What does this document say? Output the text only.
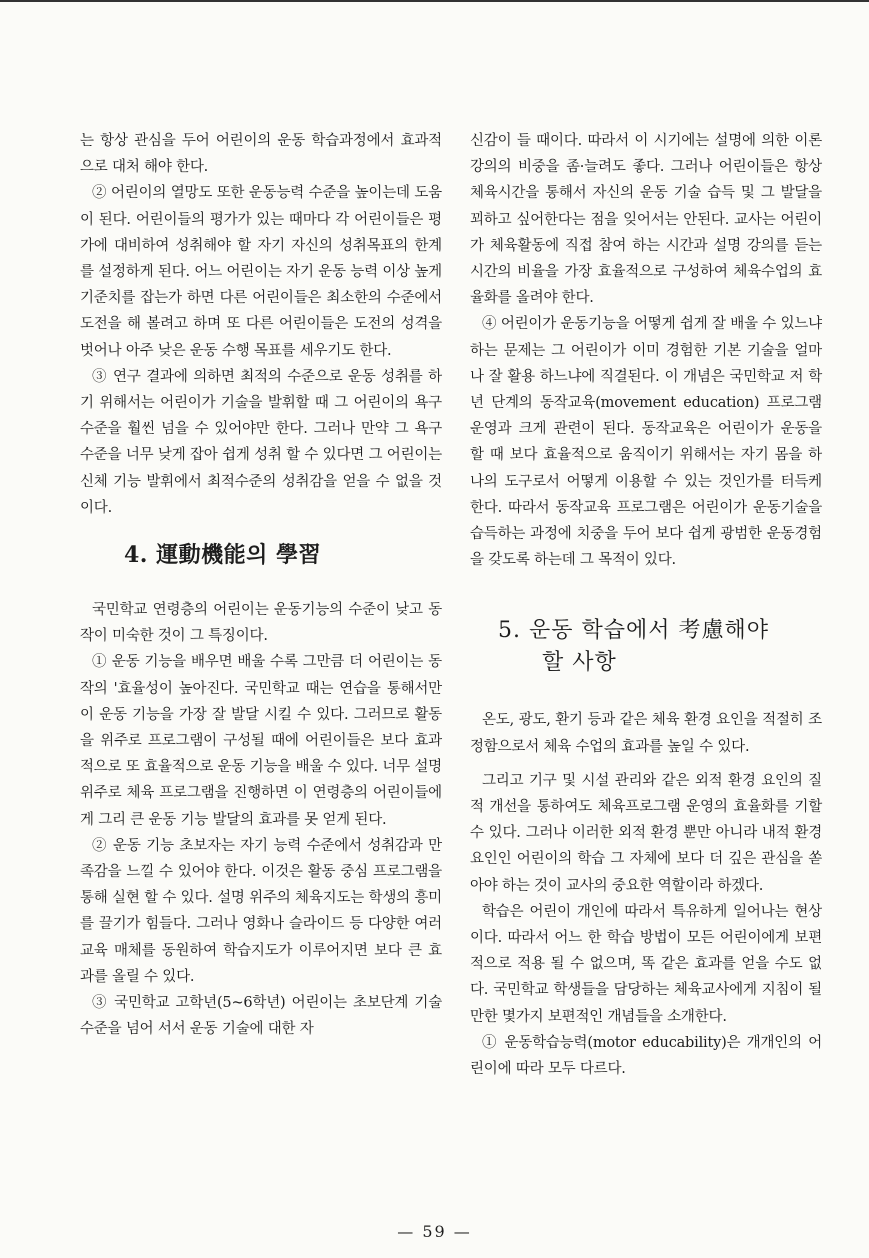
는 항상 관심을 두어 어린이의 운동 학습과정에서 효과적으로 대처 해야 한다.

② 어린이의 열망도 또한 운동능력 수준을 높이는데 도움이 된다. 어린이들의 평가가 있는 때마다 각 어린이들은 평가에 대비하여 성취해야 할 자기 자신의 성취목표의 한계를 설정하게 된다. 어느 어린이는 자기 운동 능력 이상 높게 기준치를 잡는가 하면 다른 어린이들은 최소한의 수준에서 도전을 해 볼려고 하며 또 다른 어린이들은 도전의 성격을 벗어나 아주 낮은 운동 수행 목표를 세우기도 한다.

③ 연구 결과에 의하면 최적의 수준으로 운동 성취를 하기 위해서는 어린이가 기술을 발휘할 때 그 어린이의 욕구 수준을 훨씬 넘을 수 있어야만 한다. 그러나 만약 그 욕구 수준을 너무 낮게 잡아 쉽게 성취 할 수 있다면 그 어린이는 신체 기능 발휘에서 최적수준의 성취감을 얻을 수 없을 것이다.

4. 運動機能의 學習

국민학교 연령층의 어린이는 운동기능의 수준이 낮고 동작이 미숙한 것이 그 특징이다.

① 운동 기능을 배우면 배울 수록 그만큼 더 어린이는 동작의 '효율성이 높아진다. 국민학교 때는 연습을 통해서만이 운동 기능을 가장 잘 발달 시킬 수 있다. 그러므로 활동을 위주로 프로그램이 구성될 때에 어린이들은 보다 효과적으로 또 효율적으로 운동 기능을 배울 수 있다. 너무 설명위주로 체육 프로그램을 진행하면 이 연령층의 어린이들에게 그리 큰 운동 기능 발달의 효과를 못 얻게 된다.

② 운동 기능 초보자는 자기 능력 수준에서 성취감과 만족감을 느낄 수 있어야 한다. 이것은 활동 중심 프로그램을 통해 실현 할 수 있다. 설명 위주의 체육지도는 학생의 흥미를 끌기가 힘들다. 그러나 영화나 슬라이드 등 다양한 여러 교육 매체를 동원하여 학습지도가 이루어지면 보다 큰 효과를 올릴 수 있다.

③ 국민학교 고학년(5~6학년) 어린이는 초보단계 기술수준을 넘어 서서 운동 기술에 대한 자

신감이 들 때이다. 따라서 이 시기에는 설명에 의한 이론 강의의 비중을 좀·늘려도 좋다. 그러나 어린이들은 항상 체육시간을 통해서 자신의 운동 기술 습득 및 그 발달을 꾀하고 싶어한다는 점을 잊어서는 안된다. 교사는 어린이가 체육활동에 직접 참여 하는 시간과 설명 강의를 듣는 시간의 비율을 가장 효율적으로 구성하여 체육수업의 효율화를 올려야 한다.

④ 어린이가 운동기능을 어떻게 쉽게 잘 배울 수 있느냐 하는 문제는 그 어린이가 이미 경험한 기본 기술을 얼마나 잘 활용 하느냐에 직결된다. 이 개념은 국민학교 저 학년 단계의 동작교육(movement education) 프로그램 운영과 크게 관련이 된다. 동작교육은 어린이가 운동을 할 때 보다 효율적으로 움직이기 위해서는 자기 몸을 하나의 도구로서 어떻게 이용할 수 있는 것인가를 터득케 한다. 따라서 동작교육 프로그램은 어린이가 운동기술을 습득하는 과정에 치중을 두어 보다 쉽게 광범한 운동경험을 갖도록 하는데 그 목적이 있다.

5. 운동 학습에서 考慮해야
할 사항

온도, 광도, 환기 등과 같은 체육 환경 요인을 적절히 조정함으로서 체육 수업의 효과를 높일 수 있다.

그리고 기구 및 시설 관리와 같은 외적 환경 요인의 질적 개선을 통하여도 체육프로그램 운영의 효율화를 기할 수 있다. 그러나 이러한 외적 환경 뿐만 아니라 내적 환경 요인인 어린이의 학습 그 자체에 보다 더 깊은 관심을 쏟아야 하는 것이 교사의 중요한 역할이라 하겠다.

학습은 어린이 개인에 따라서 특유하게 일어나는 현상이다. 따라서 어느 한 학습 방법이 모든 어린이에게 보편적으로 적용 될 수 없으며, 똑 같은 효과를 얻을 수도 없다. 국민학교 학생들을 담당하는 체육교사에게 지침이 될 만한 몇가지 보편적인 개념들을 소개한다.

① 운동학습능력(motor educability)은 개개인의 어린이에 따라 모두 다르다.

— 59 —
